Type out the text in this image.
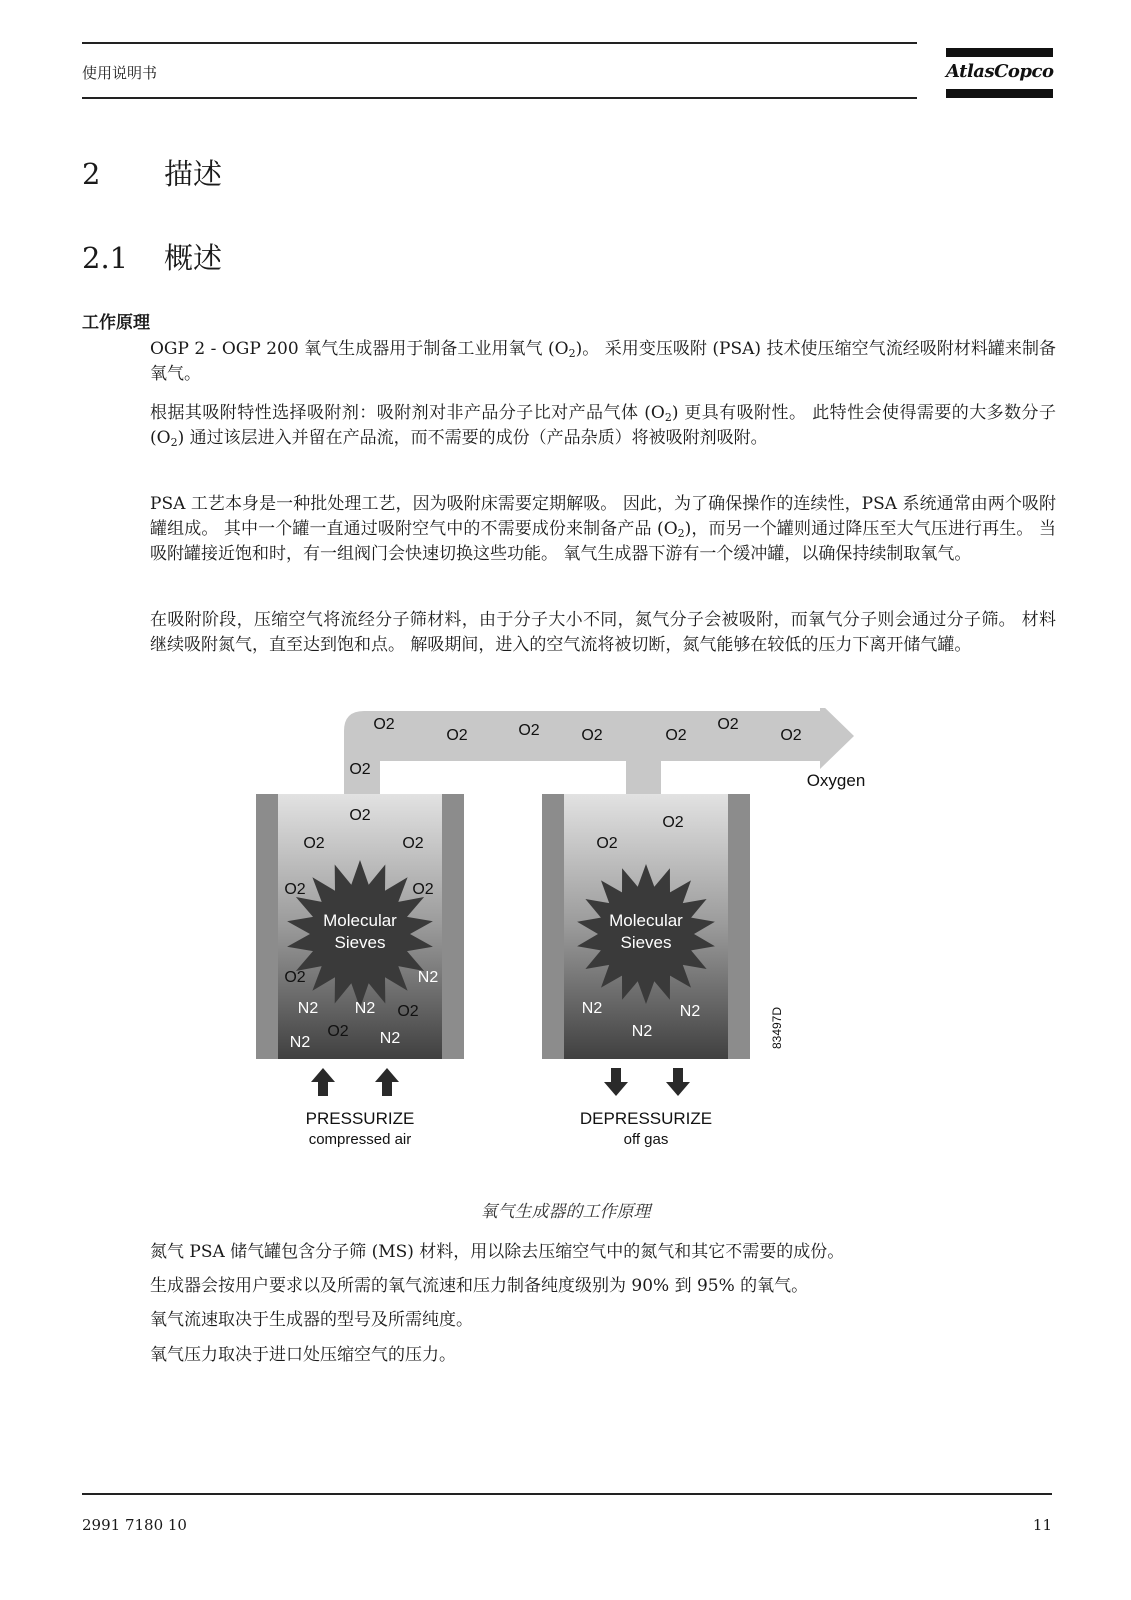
使用说明书	AtlasCopco
2 描述
2.1 概述
工作原理
OGP 2 - OGP 200 氧气生成器用于制备工业用氧气 $(O_2)$。 采用变压吸附 (PSA) 技术使压缩空气流经吸附材料罐来制备氧气。
根据其吸附特性选择吸附剂：吸附剂对非产品分子比对产品气体 $(O_2)$ 更具有吸附性。 此特性会使得需要的大多数分子 $(O_2)$ 通过该层进入并留在产品流，而不需要的成份（产品杂质）将被吸附剂吸附。
PSA 工艺本身是一种批处理工艺，因为吸附床需要定期解吸。 因此，为了确保操作的连续性，PSA 系统通常由两个吸附罐组成。 其中一个罐一直通过吸附空气中的不需要成份来制备产品 $(O_2)$，而另一个罐则通过降压至大气压进行再生。 当吸附罐接近饱和时，有一组阀门会快速切换这些功能。 氧气生成器下游有一个缓冲罐，以确保持续制取氧气。
在吸附阶段，压缩空气将流经分子筛材料，由于分子大小不同，氮气分子会被吸附，而氧气分子则会通过分子筛。 材料继续吸附氮气，直至达到饱和点。 解吸期间，进入的空气流将被切断，氮气能够在较低的压力下离开储气罐。
Molecular
Sieves
Molecular
Sieves
O2
O2	O2	O2	O2
O2
O2
O2
O2
O2	O2
O2	O2
O2
O2
O2
O2
O2
N2
N2 N2
N2
N2
N2	N2
N2
Oxygen
83497D
PRESSURIZE
compressed air
DEPRESSURIZE
off gas
氧气生成器的工作原理
氮气 PSA 储气罐包含分子筛 (MS) 材料，用以除去压缩空气中的氮气和其它不需要的成份。
生成器会按用户要求以及所需的氧气流速和压力制备纯度级别为 90% 到 95% 的氧气。
氧气流速取决于生成器的型号及所需纯度。
氧气压力取决于进口处压缩空气的压力。
2991 7180 10	11
